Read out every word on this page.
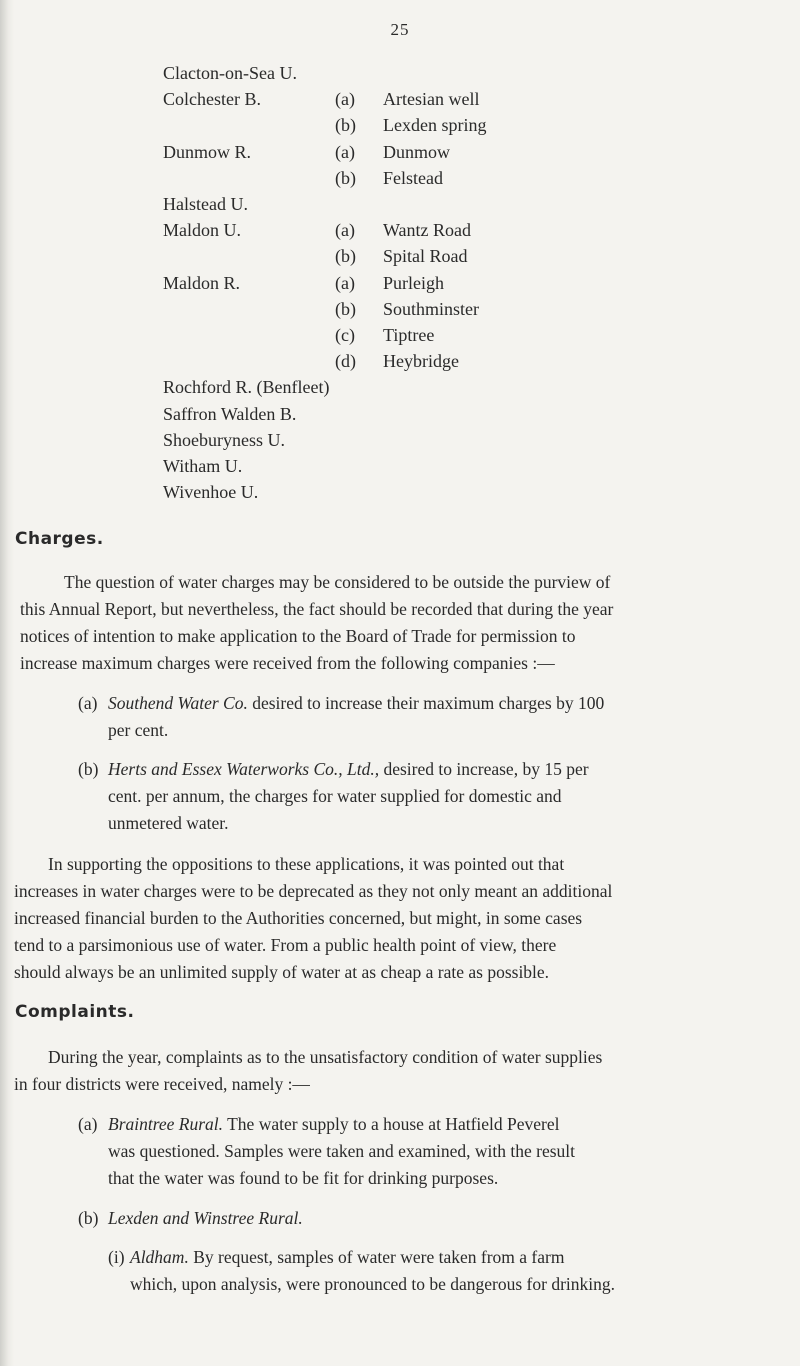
25
Clacton-on-Sea U.
Colchester B.	(a) Artesian well
(b) Lexden spring
Dunmow R.	(a) Dunmow
(b) Felstead
Halstead U.
Maldon U.	(a) Wantz Road
(b) Spital Road
Maldon R.	(a) Purleigh
(b) Southminster
(c) Tiptree
(d) Heybridge
Rochford R. (Benfleet)
Saffron Walden B.
Shoeburyness U.
Witham U.
Wivenhoe U.
Charges.
The question of water charges may be considered to be outside the purview of
this Annual Report, but nevertheless, the fact should be recorded that during the year
notices of intention to make application to the Board of Trade for permission to
increase maximum charges were received from the following companies :—
(a) Southend Water Co. desired to increase their maximum charges by 100
per cent.
(b) Herts and Essex Waterworks Co., Ltd., desired to increase, by 15 per
cent. per annum, the charges for water supplied for domestic and
unmetered water.
In supporting the oppositions to these applications, it was pointed out that
increases in water charges were to be deprecated as they not only meant an additional
increased financial burden to the Authorities concerned, but might, in some cases
tend to a parsimonious use of water. From a public health point of view, there
should always be an unlimited supply of water at as cheap a rate as possible.
Complaints.
During the year, complaints as to the unsatisfactory condition of water supplies
in four districts were received, namely :—
(a) Braintree Rural. The water supply to a house at Hatfield Peverel
was questioned. Samples were taken and examined, with the result
that the water was found to be fit for drinking purposes.
(b) Lexden and Winstree Rural.
(i) Aldham. By request, samples of water were taken from a farm
which, upon analysis, were pronounced to be dangerous for drinking.
